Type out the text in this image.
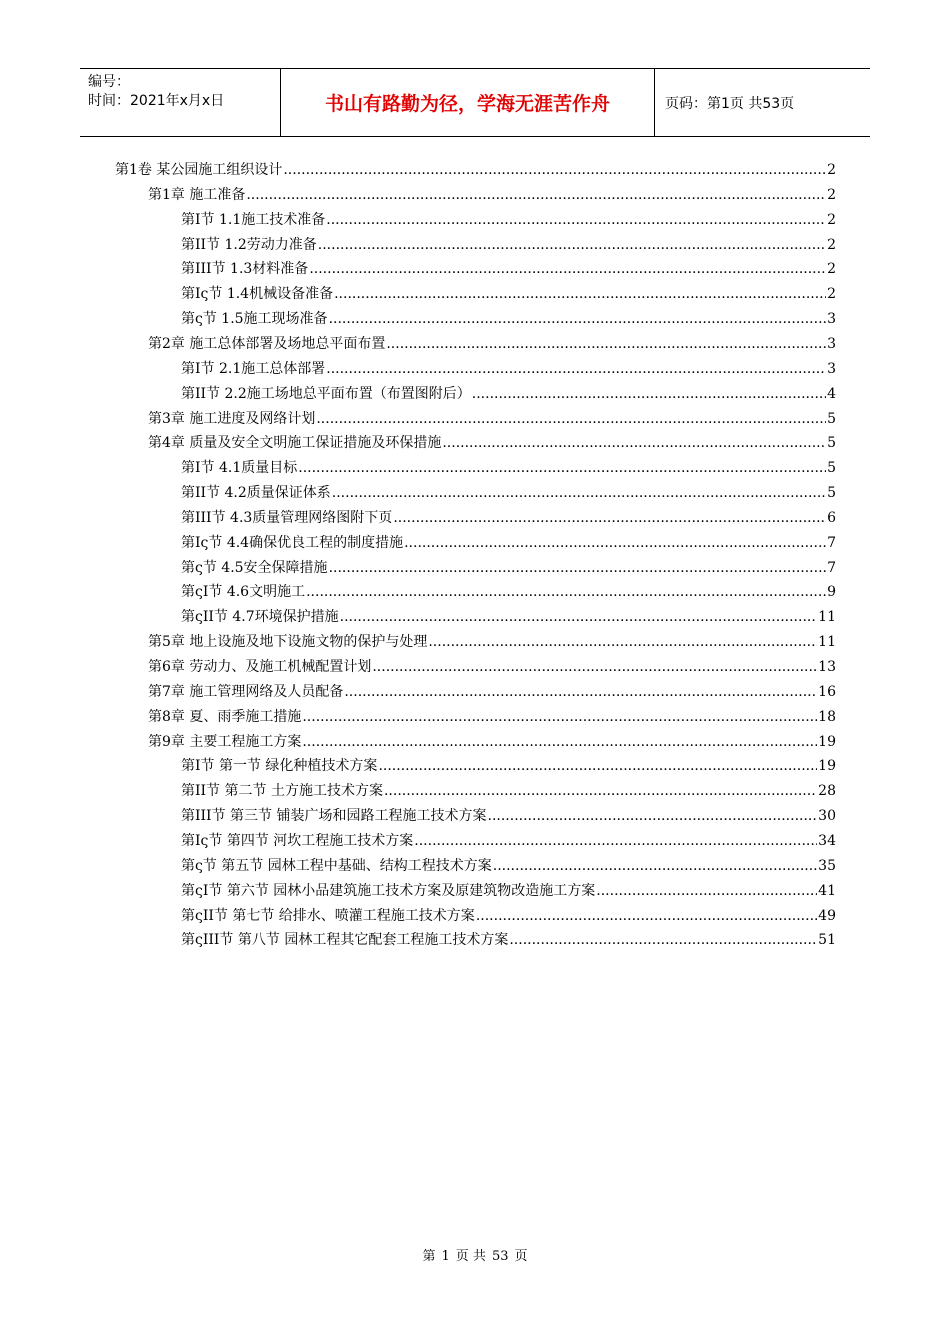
编号：
时间：2021年x月x日	书山有路勤为径，学海无涯苦作舟	页码：第1页 共53页
第1卷 某公园施工组织设计 .....	2
第1章 施工准备 .....	2
第I节 1.1施工技术准备 .....	2
第II节 1.2劳动力准备 .....	2
第III节 1.3材料准备 .....	2
第Iς节 1.4机械设备准备 .....	2
第ς节 1.5施工现场准备 .....	3
第2章 施工总体部署及场地总平面布置 .....	3
第I节 2.1施工总体部署 .....	3
第II节 2.2施工场地总平面布置（布置图附后） .....	4
第3章 施工进度及网络计划 .....	5
第4章 质量及安全文明施工保证措施及环保措施 .....	5
第I节 4.1质量目标 .....	5
第II节 4.2质量保证体系 .....	5
第III节 4.3质量管理网络图附下页 .....	6
第Iς节 4.4确保优良工程的制度措施 .....	7
第ς节 4.5安全保障措施 .....	7
第ςI节 4.6文明施工 .....	9
第ςII节 4.7环境保护措施 .....	11
第5章 地上设施及地下设施文物的保护与处理 .....	11
第6章 劳动力、及施工机械配置计划 .....	13
第7章 施工管理网络及人员配备 .....	16
第8章 夏、雨季施工措施 .....	18
第9章 主要工程施工方案 .....	19
第I节 第一节 绿化种植技术方案 .....	19
第II节 第二节 土方施工技术方案 .....	28
第III节 第三节 铺装广场和园路工程施工技术方案 .....	30
第Iς节 第四节 河坎工程施工技术方案 .....	34
第ς节 第五节 园林工程中基础、结构工程技术方案 .....	35
第ςI节 第六节 园林小品建筑施工技术方案及原建筑物改造施工方案 .....	41
第ςII节 第七节 给排水、喷灌工程施工技术方案 .....	49
第ςIII节 第八节 园林工程其它配套工程施工技术方案 .....	51
第 1 页 共 53 页
